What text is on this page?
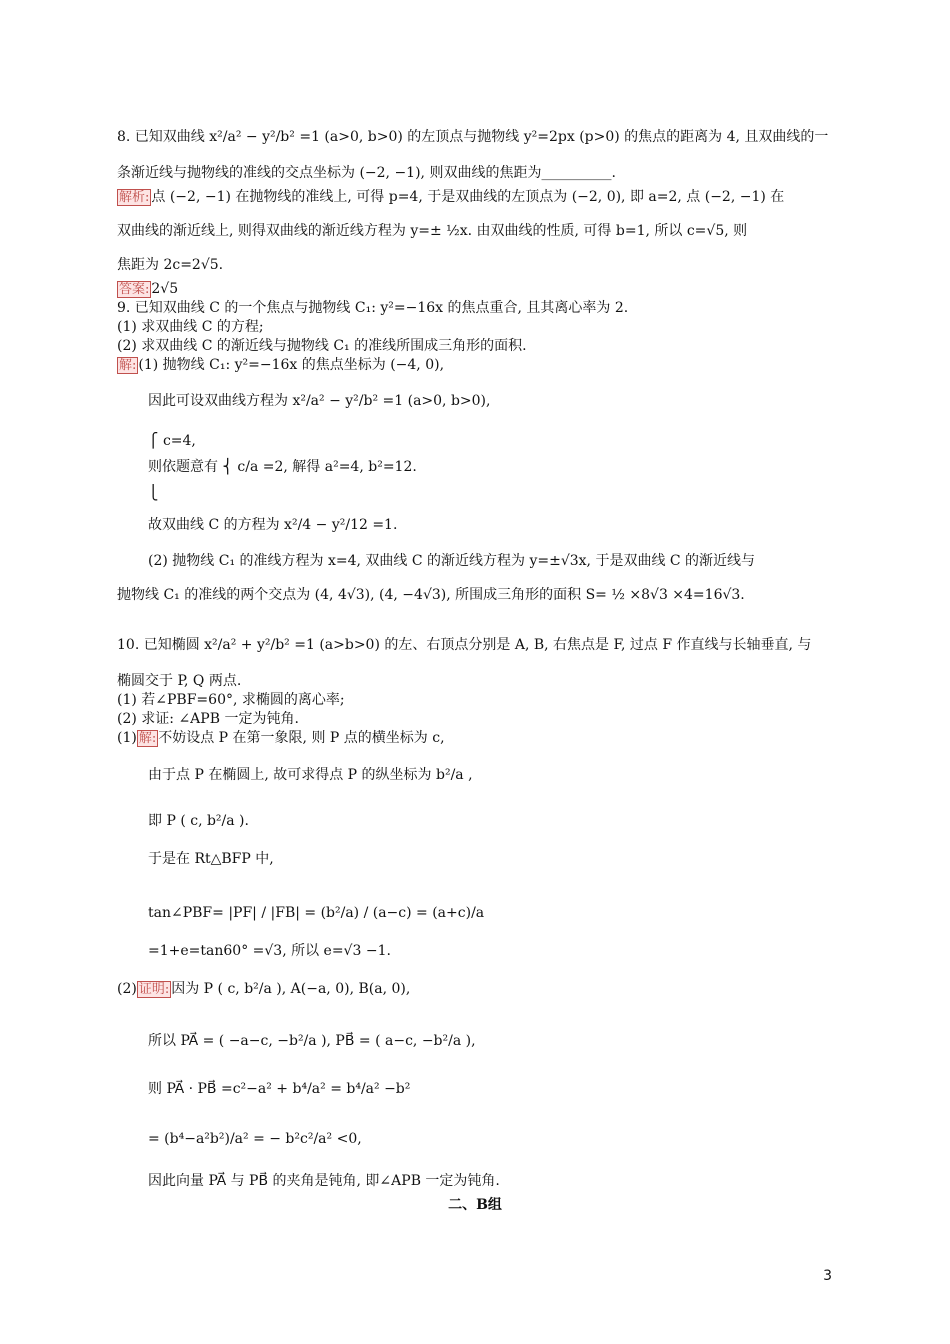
8. 已知双曲线 x²/a² − y²/b² =1 (a>0, b>0) 的左顶点与抛物线 y²=2px (p>0) 的焦点的距离为 4, 且双曲线的一
条渐近线与抛物线的准线的交点坐标为 (−2, −1), 则双曲线的焦距为__________.
解析: 点 (−2, −1) 在抛物线的准线上, 可得 p=4, 于是双曲线的左顶点为 (−2, 0), 即 a=2, 点 (−2, −1) 在
双曲线的渐近线上, 则得双曲线的渐近线方程为 y=± ½x. 由双曲线的性质, 可得 b=1, 所以 c=√5, 则
焦距为 2c=2√5.
答案: 2√5
9. 已知双曲线 C 的一个焦点与抛物线 C₁: y²=−16x 的焦点重合, 且其离心率为 2.
(1) 求双曲线 C 的方程;
(2) 求双曲线 C 的渐近线与抛物线 C₁ 的准线所围成三角形的面积.
解: (1) 抛物线 C₁: y²=−16x 的焦点坐标为 (−4, 0),
因此可设双曲线方程为 x²/a² − y²/b² =1 (a>0, b>0),
⎧ c=4,
则依题意有 ⎨ c/a =2, 解得 a²=4, b²=12.
⎩
故双曲线 C 的方程为 x²/4 − y²/12 =1.
(2) 抛物线 C₁ 的准线方程为 x=4, 双曲线 C 的渐近线方程为 y=±√3x, 于是双曲线 C 的渐近线与
抛物线 C₁ 的准线的两个交点为 (4, 4√3), (4, −4√3), 所围成三角形的面积 S= ½ ×8√3 ×4=16√3.
10. 已知椭圆 x²/a² + y²/b² =1 (a>b>0) 的左、右顶点分别是 A, B, 右焦点是 F, 过点 F 作直线与长轴垂直, 与
椭圆交于 P, Q 两点.
(1) 若∠PBF=60°, 求椭圆的离心率;
(2) 求证: ∠APB 一定为钝角.
(1) 解: 不妨设点 P 在第一象限, 则 P 点的横坐标为 c,
由于点 P 在椭圆上, 故可求得点 P 的纵坐标为 b²/a ,
即 P ( c, b²/a ).
于是在 Rt△BFP 中,
tan∠PBF= |PF| / |FB| = (b²/a) / (a−c) = (a+c)/a
=1+e=tan60° =√3, 所以 e=√3 −1.
(2) 证明: 因为 P ( c, b²/a ), A(−a, 0), B(a, 0),
所以 PA⃗ = ( −a−c, −b²/a ), PB⃗ = ( a−c, −b²/a ),
则 PA⃗ · PB⃗ =c²−a² + b⁴/a² = b⁴/a² −b²
= (b⁴−a²b²)/a² = − b²c²/a² <0,
因此向量 PA⃗ 与 PB⃗ 的夹角是钝角, 即∠APB 一定为钝角.
二、B组
3
